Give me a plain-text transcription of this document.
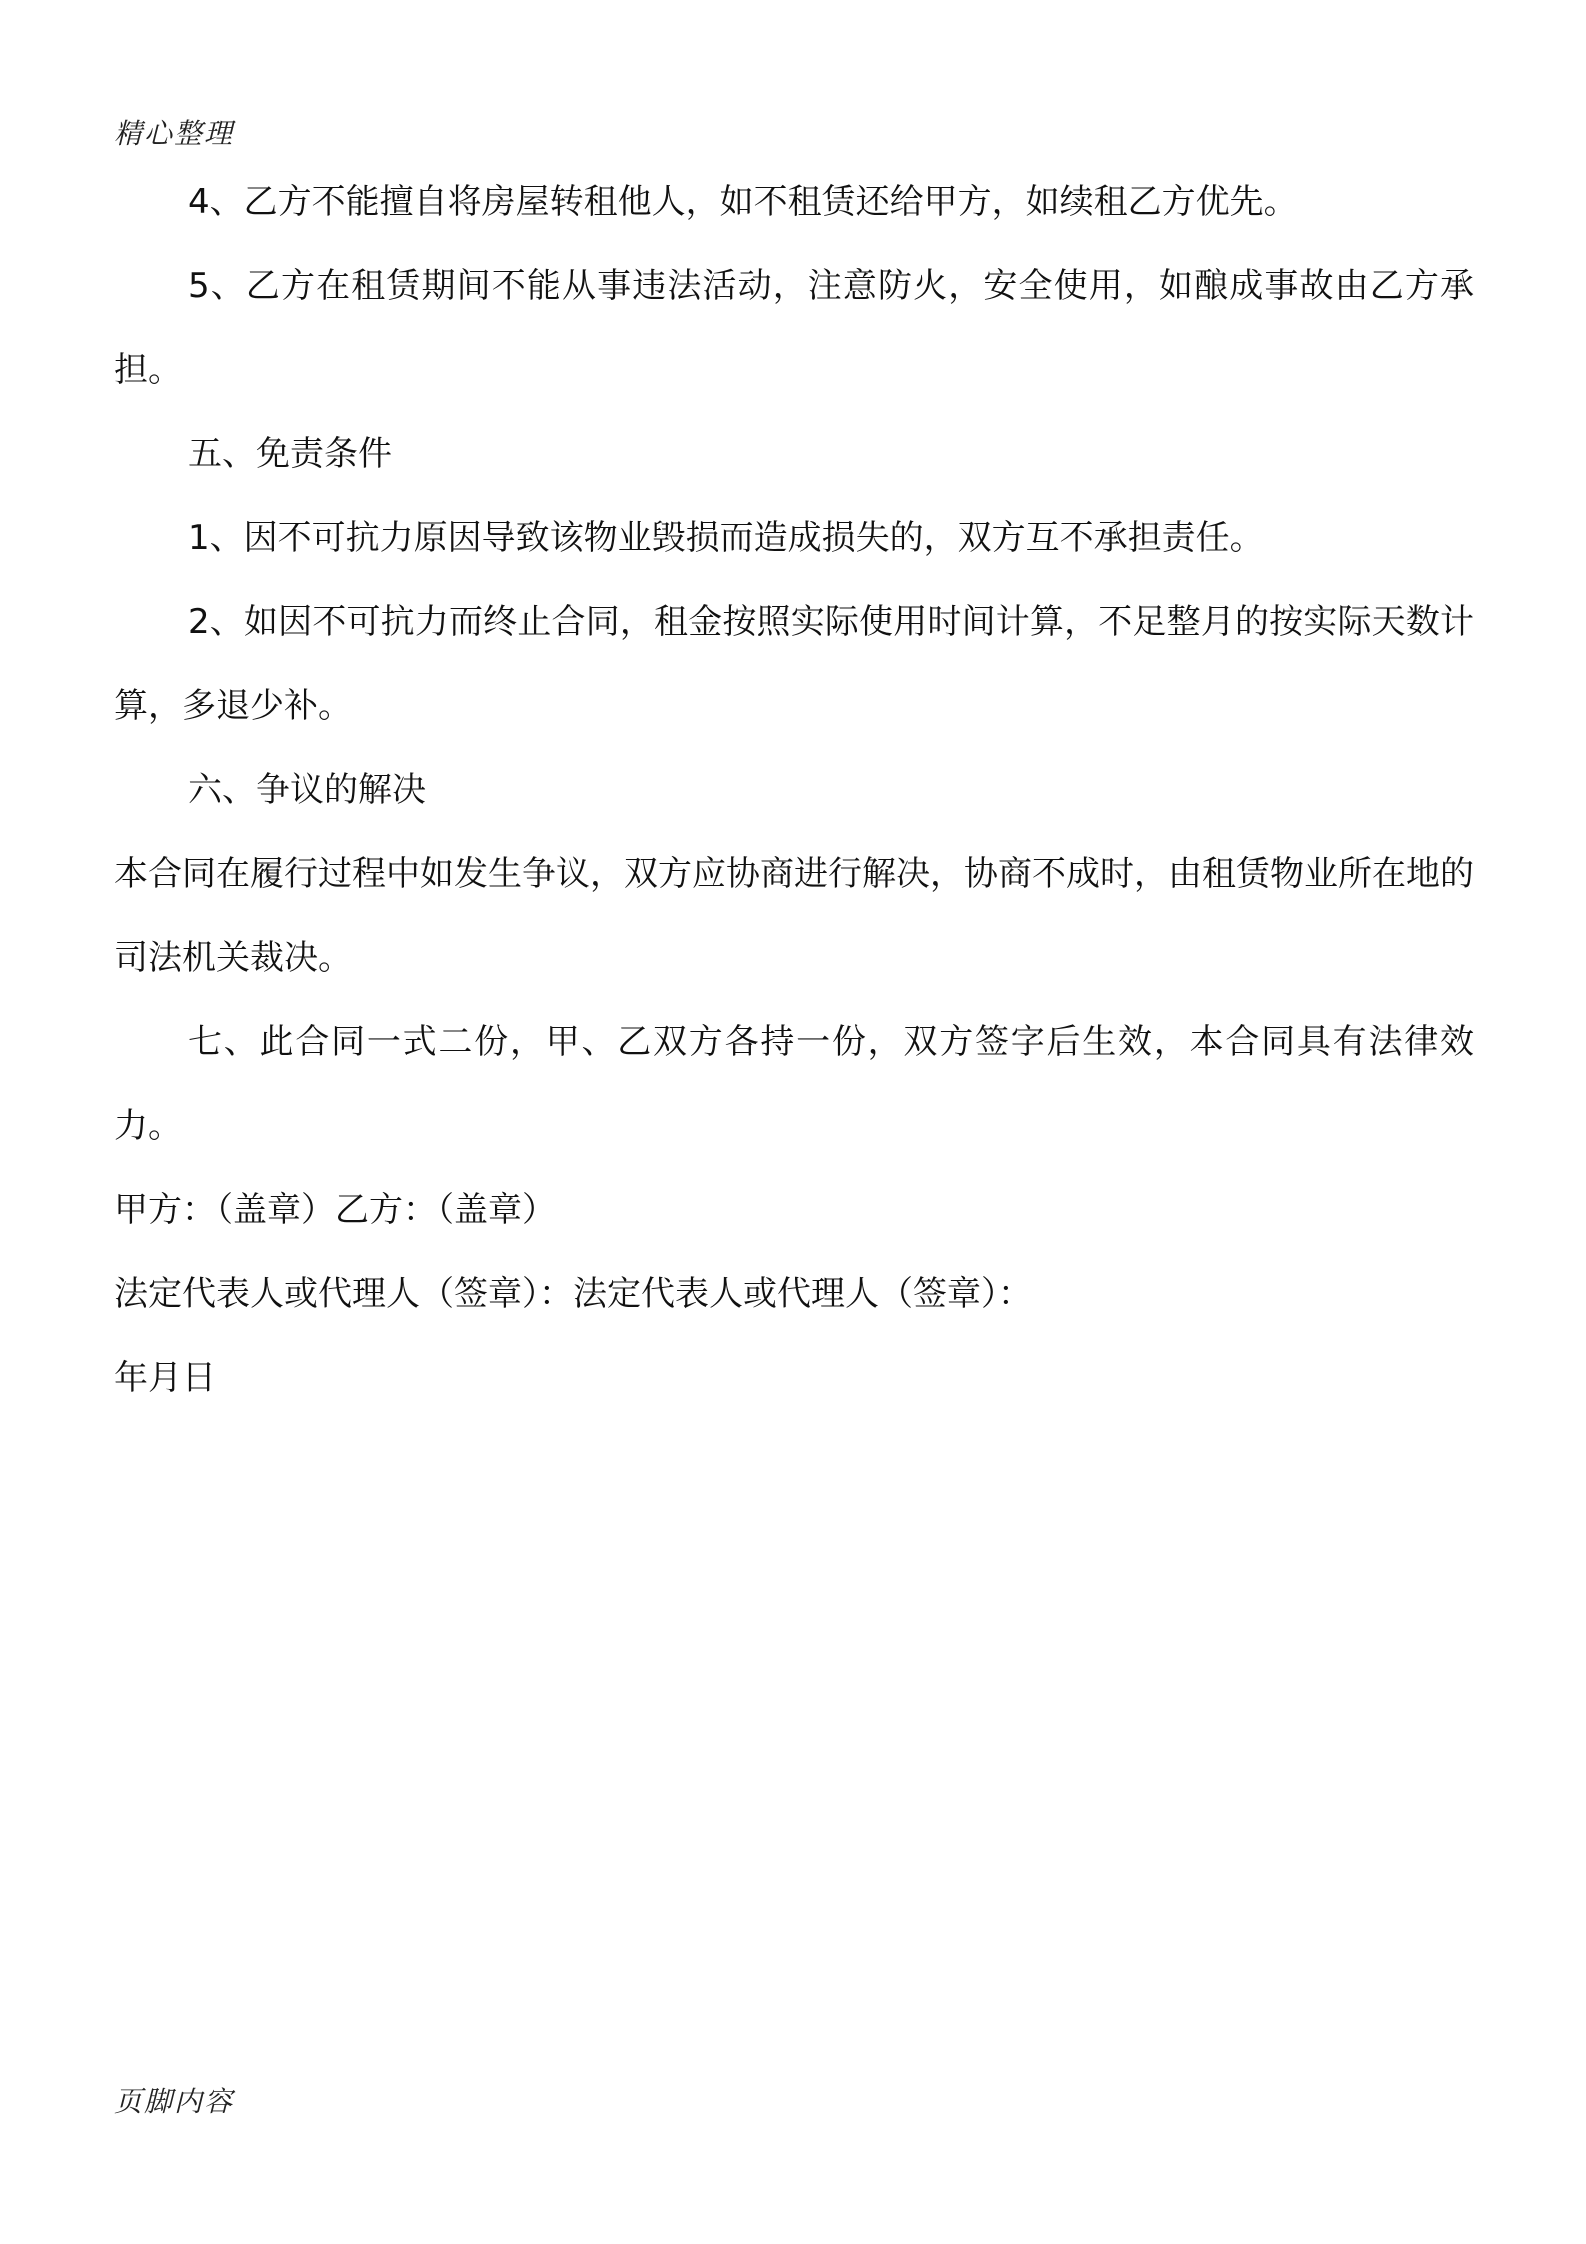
精心整理

4、乙方不能擅自将房屋转租他人，如不租赁还给甲方，如续租乙方优先。

5、乙方在租赁期间不能从事违法活动，注意防火，安全使用，如酿成事故由乙方承担。

五、免责条件

1、因不可抗力原因导致该物业毁损而造成损失的，双方互不承担责任。

2、如因不可抗力而终止合同，租金按照实际使用时间计算，不足整月的按实际天数计算，多退少补。

六、争议的解决

本合同在履行过程中如发生争议，双方应协商进行解决，协商不成时，由租赁物业所在地的司法机关裁决。

七、此合同一式二份，甲、乙双方各持一份，双方签字后生效，本合同具有法律效力。

甲方：（盖章）乙方：（盖章）

法定代表人或代理人（签章）：法定代表人或代理人（签章）：

年月日

页脚内容
